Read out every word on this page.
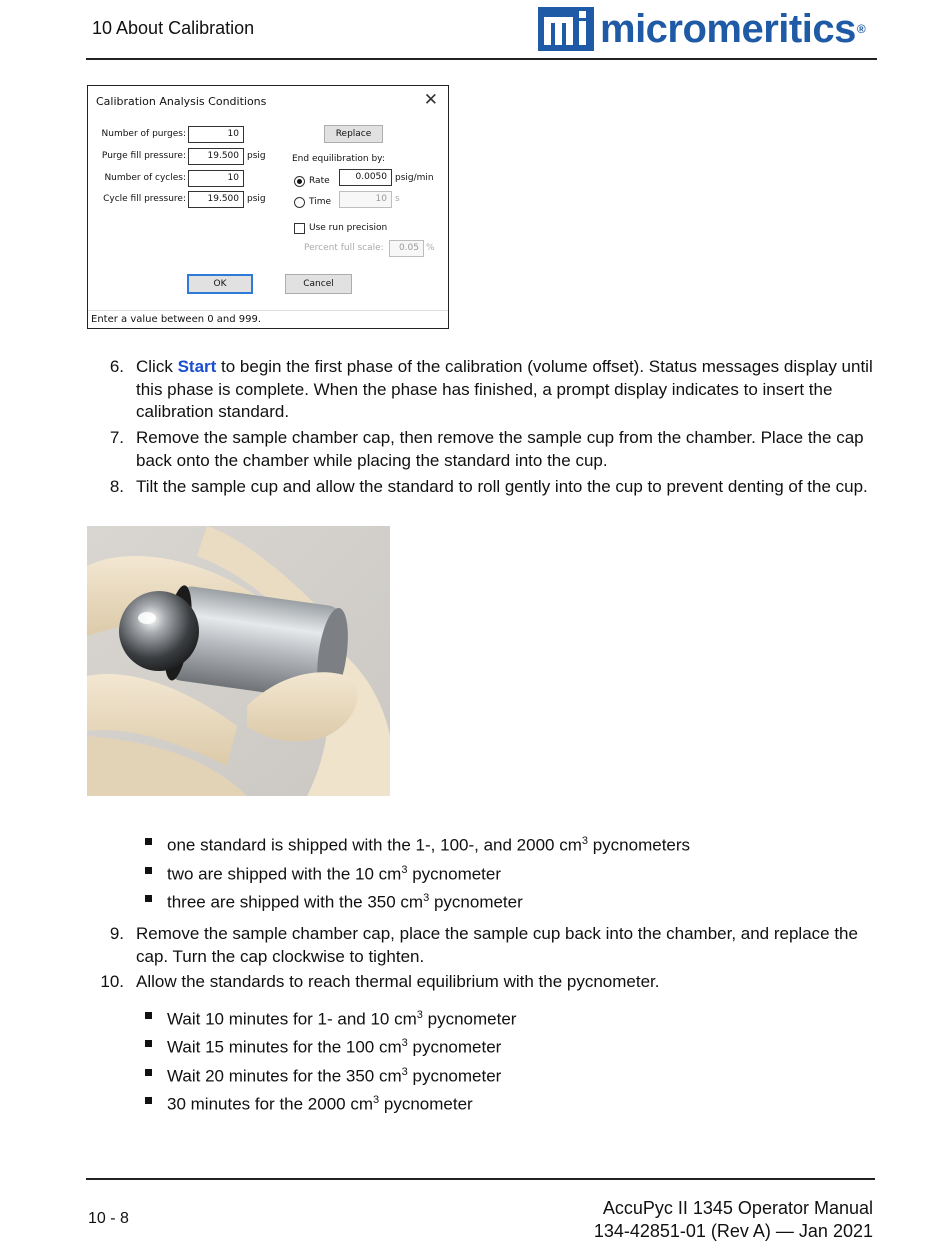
10 About Calibration	micromeritics®
Calibration Analysis Conditions	✕
Number of purges:	10
Purge fill pressure:	19.500 psig
Number of cycles:	10
Cycle fill pressure:	19.500 psig
Replace
End equilibration by:
Rate	0.0050 psig/min
Time	10 s
Use run precision
Percent full scale:	0.05 %
OK	Cancel
Enter a value between 0 and 999.
6. Click Start to begin the first phase of the calibration (volume offset). Status messages display until this phase is complete. When the phase has finished, a prompt display indicates to insert the calibration standard.
7. Remove the sample chamber cap, then remove the sample cup from the chamber. Place the cap back onto the chamber while placing the standard into the cup.
8. Tilt the sample cup and allow the standard to roll gently into the cup to prevent denting of the cup.
one standard is shipped with the 1-, 100-, and 2000 $cm^3$ pycnometers
two are shipped with the 10 $cm^3$ pycnometer
three are shipped with the 350 $cm^3$ pycnometer
9. Remove the sample chamber cap, place the sample cup back into the chamber, and replace the cap. Turn the cap clockwise to tighten.
10. Allow the standards to reach thermal equilibrium with the pycnometer.
Wait 10 minutes for 1- and 10 $cm^3$ pycnometer
Wait 15 minutes for the 100 $cm^3$ pycnometer
Wait 20 minutes for the 350 $cm^3$ pycnometer
30 minutes for the 2000 $cm^3$ pycnometer
10 - 8
AccuPyc II 1345 Operator Manual
134-42851-01 (Rev A) — Jan 2021
